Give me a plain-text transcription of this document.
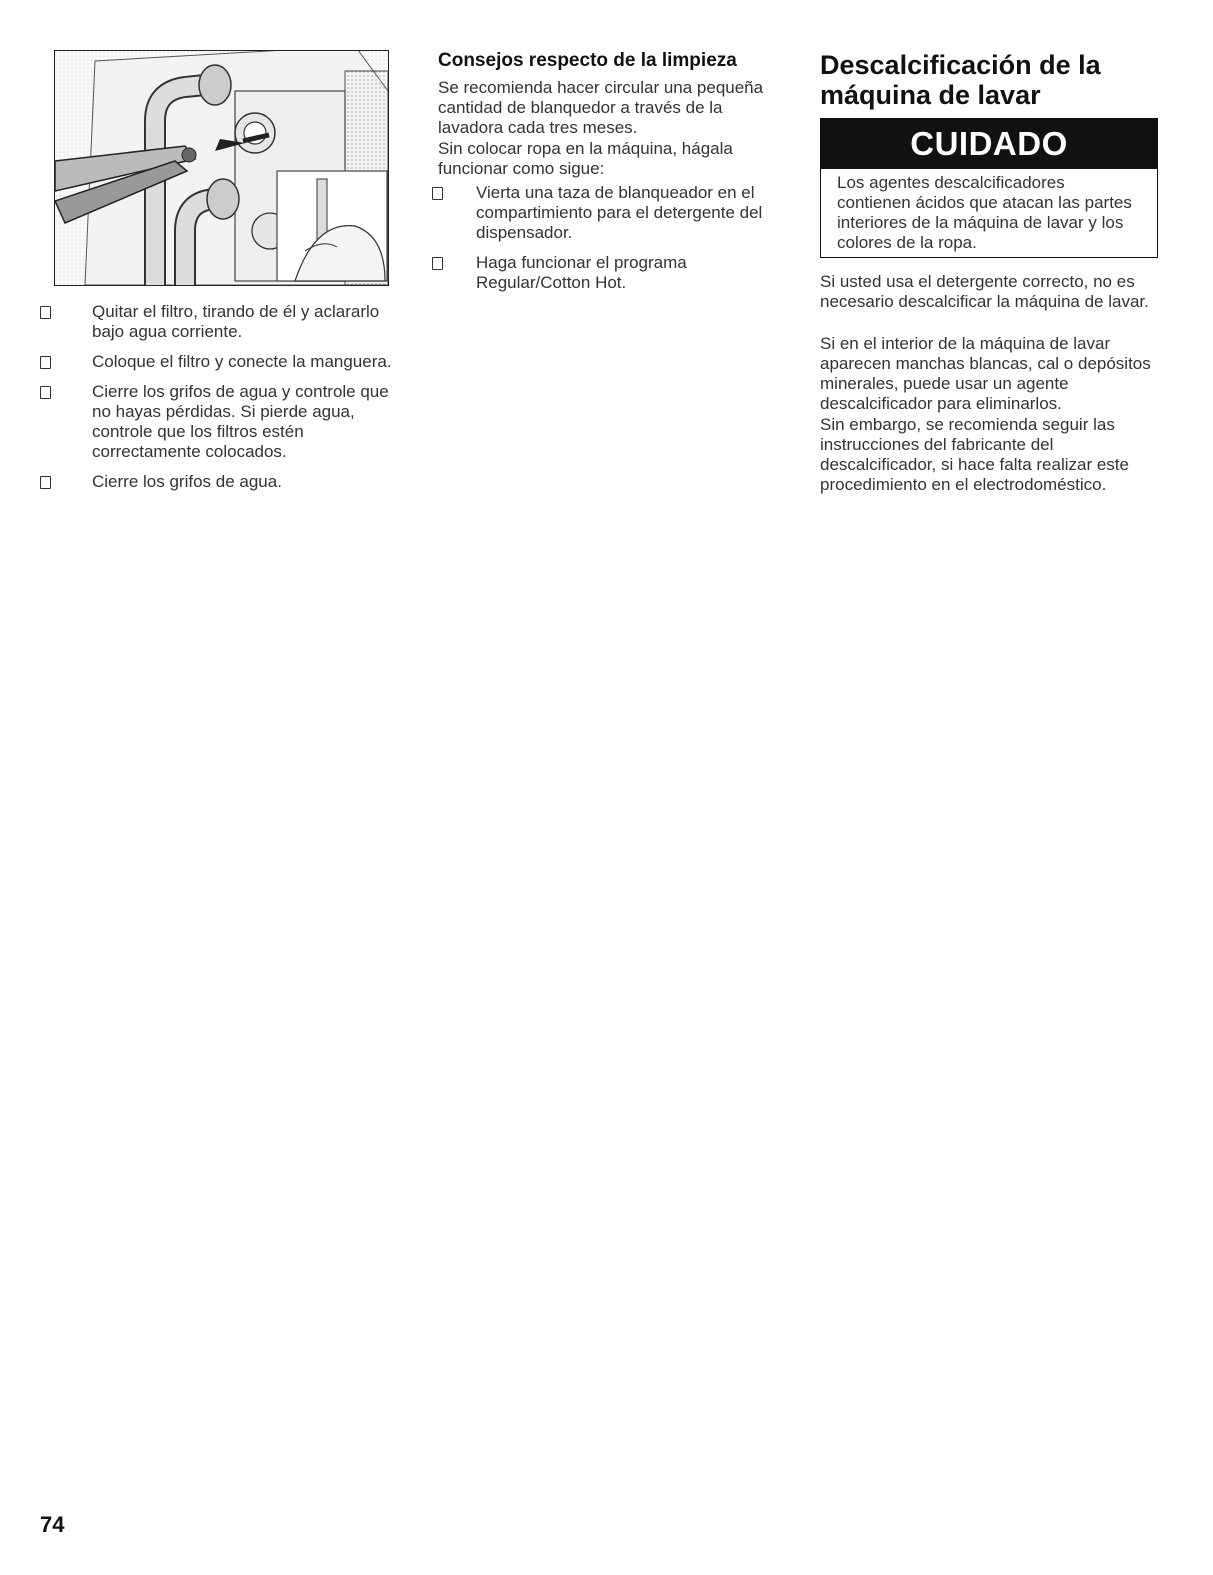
Quitar el filtro, tirando de él y aclararlo bajo agua corriente.
Coloque el filtro y conecte la manguera.
Cierre los grifos de agua y controle que no hayas pérdidas. Si pierde agua, controle que los filtros estén correctamente colocados.
Cierre los grifos de agua.
Consejos respecto de la limpieza

Se recomienda hacer circular una pequeña cantidad de blanquedor a través de la lavadora cada tres meses.

Sin colocar ropa en la máquina, hágala funcionar como sigue:

Vierta una taza de blanqueador en el compartimiento para el detergente del dispensador.
Haga funcionar el programa Regular/Cotton Hot.
Descalcificación de la máquina de lavar
CUIDADO

Los agentes descalcificadores contienen ácidos que atacan las partes interiores de la máquina de lavar y los colores de la ropa.

Si usted usa el detergente correcto, no es necesario descalcificar la máquina de lavar.

Si en el interior de la máquina de lavar aparecen manchas blancas, cal o depósitos minerales, puede usar un agente descalcificador para eliminarlos.

Sin embargo, se recomienda seguir las instrucciones del fabricante del descalcificador, si hace falta realizar este procedimiento en el electrodoméstico.

74
